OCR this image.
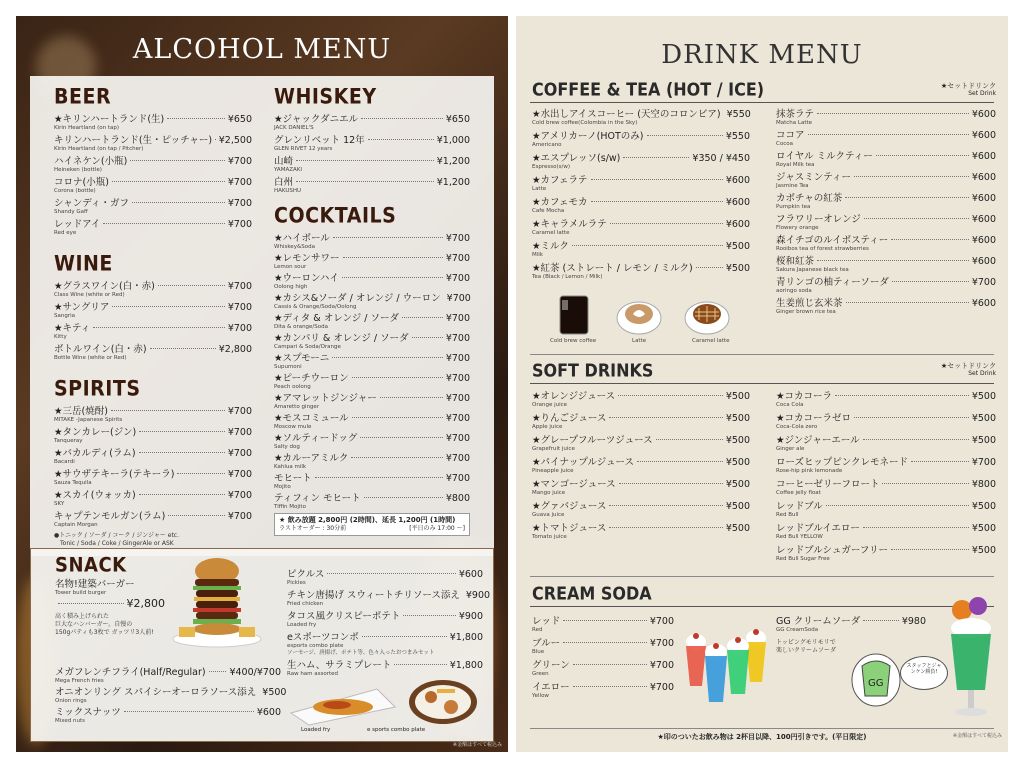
ALCOHOL MENU
BEER
★キリンハートランド(生)	¥650
Kirin Heartland (on tap)
キリンハートランド(生・ピッチャー) ¥2,500
Kirin Heartland (on tap / Pitcher)
ハイネケン(小瓶)	¥700
Heineken (bottle)
コロナ(小瓶)	¥700
Corona (bottle)
シャンディ・ガフ	¥700
Shandy Gaff
レッドアイ	¥700
Red eye
WINE
★グラスワイン(白・赤)	¥700
Class Wine (white or Red)
★サングリア	¥700
Sangria
★キティ	¥700
Kitty
ボトルワイン(白・赤)	¥2,800
Bottle Wine (white or Red)
SPIRITS
★三岳(焼酎)	¥700
MITAKE -Japanese Spirits
★タンカレー(ジン)	¥700
Tanqueray
★バカルディ(ラム)	¥700
Bacardi
★サウザテキーラ(テキーラ)	¥700
Sauza Tequila
★スカイ(ウォッカ)	¥700
SKY
キャプテンモルガン(ラム)	¥700
Captain Morgan
●トニック / ソーダ / コーク / ジンジャー etc.
Tonic / Soda / Coke / GingerAle or ASK
WHISKEY
★ジャックダニエル	¥650
JACK DANIEL'S
グレンリベット 12年	¥1,000
GLEN RIVET 12 years
山崎	¥1,200
YAMAZAKI
白州	¥1,200
HAKUSHU
COCKTAILS
★ハイボール	¥700
Whiskey&Soda
★レモンサワー	¥700
Lemon sour
★ウーロンハイ	¥700
Oolong high
★カシス&ソーダ / オレンジ / ウーロン ¥700
Cassis & Orange/Soda/Oolong
★ディタ & オレンジ / ソーダ	¥700
Dita & orange/Soda
★カンパリ & オレンジ / ソーダ	¥700
Campari & Soda/Orange
★スプモーニ	¥700
Supumoni
★ピーチウーロン	¥700
Peach oolong
★アマレットジンジャー	¥700
Amaretto ginger
★モスコミュール	¥700
Moscow mule
★ソルティードッグ	¥700
Salty dog
★カルーアミルク	¥700
Kahlua milk
モヒート	¥700
Mojito
ティフィン モヒート	¥800
Tiffin Mojito
★ 飲み放題 2,800円 (2時間)、延長 1,200円 (1時間)
ラストオーダー : 30分前	[平日のみ 17:00 〜]
SNACK
名物!建築バーガー
Tower build burger
¥2,800
高く積み上げられた
巨大なハンバーガー。自慢の
150gパティも3枚で ガッツリ3人前!
メガフレンチフライ(Half/Regular)	¥400/¥700
Mega French fries
オニオンリング スパイシーオーロラソース添え ¥500
Onion rings
ミックスナッツ	¥600
Mixed nuts
ピクルス	¥600
Pickles
チキン唐揚げ スウィートチリソース添え ¥900
Fried chicken
タコス風クリスピーポテト	¥900
Loaded fry
eスポーツコンボ	¥1,800
esports combo plate
ソーセージ、唐揚げ、ポテト等、色々入ったおつまみセット
生ハム、サラミプレート	¥1,800
Raw ham assorted
Loaded fry	e sports combo plate
※金額はすべて税込み
DRINK MENU
COFFEE & TEA (HOT / ICE)	★セットドリンク
Set Drink
★水出しアイスコーヒー (天空のコロンビア) ¥550
Cold brew coffee(Colombia in the Sky)
★アメリカーノ(HOTのみ)	¥550
Americano
★エスプレッソ(s/w)	¥350 / ¥450
Espresso(s/w)
★カフェラテ	¥600
Latte
★カフェモカ	¥600
Cafe Mocha
★キャラメルラテ	¥600
Caramel latte
★ミルク	¥500
Milk
★紅茶 (ストレート / レモン / ミルク)	¥500
Tea (Black / Lemon / Milk)
抹茶ラテ	¥600
Matcha Latte
ココア	¥600
Cocoa
ロイヤル ミルクティー	¥600
Royal Milk tea
ジャスミンティー	¥600
Jasmine Tea
カボチャの紅茶	¥600
Pumpkin tea
フラワリーオレンジ	¥600
Flowery orange
森イチゴのルイボスティー	¥600
Rooibos tea of forest strawberries
桜和紅茶	¥600
Sakura Japanese black tea
青リンゴの柚ティーソーダ	¥700
aoringo soda
生姜煎じ玄米茶	¥600
Ginger brown rice tea
Cold brew coffee	Latte	Caramel latte
SOFT DRINKS	★セットドリンク
Set Drink
★オレンジジュース	¥500
Orange juice
★りんごジュース	¥500
Apple juice
★グレープフルーツジュース	¥500
Grapefruit juice
★パイナップルジュース	¥500
Pineapple juice
★マンゴージュース	¥500
Mango juice
★グァバジュース	¥500
Guava juice
★トマトジュース	¥500
Tomato juice
★コカコーラ	¥500
Coca Cola
★コカコーラゼロ	¥500
Coca-Cola zero
★ジンジャーエール	¥500
Ginger ale
ローズヒップピンクレモネード	¥700
Rose-hip pink lemonade
コーヒーゼリーフロート	¥800
Coffee jelly float
レッドブル	¥500
Red Bull
レッドブルイエロー	¥500
Red Bull YELLOW
レッドブルシュガーフリー	¥500
Red Bull Sugar Free
CREAM SODA
レッド	¥700
Red
ブルー	¥700
Blue
グリーン	¥700
Green
イエロー	¥700
Yellow
GG クリームソーダ	¥980
GG CreamSoda
トッピングモリモリで
楽しいクリームソーダ
GG
スタッフとジャンケン勝負!
★印のついたお飲み物は 2杯目以降、100円引きです。(平日限定)	※金額はすべて税込み
